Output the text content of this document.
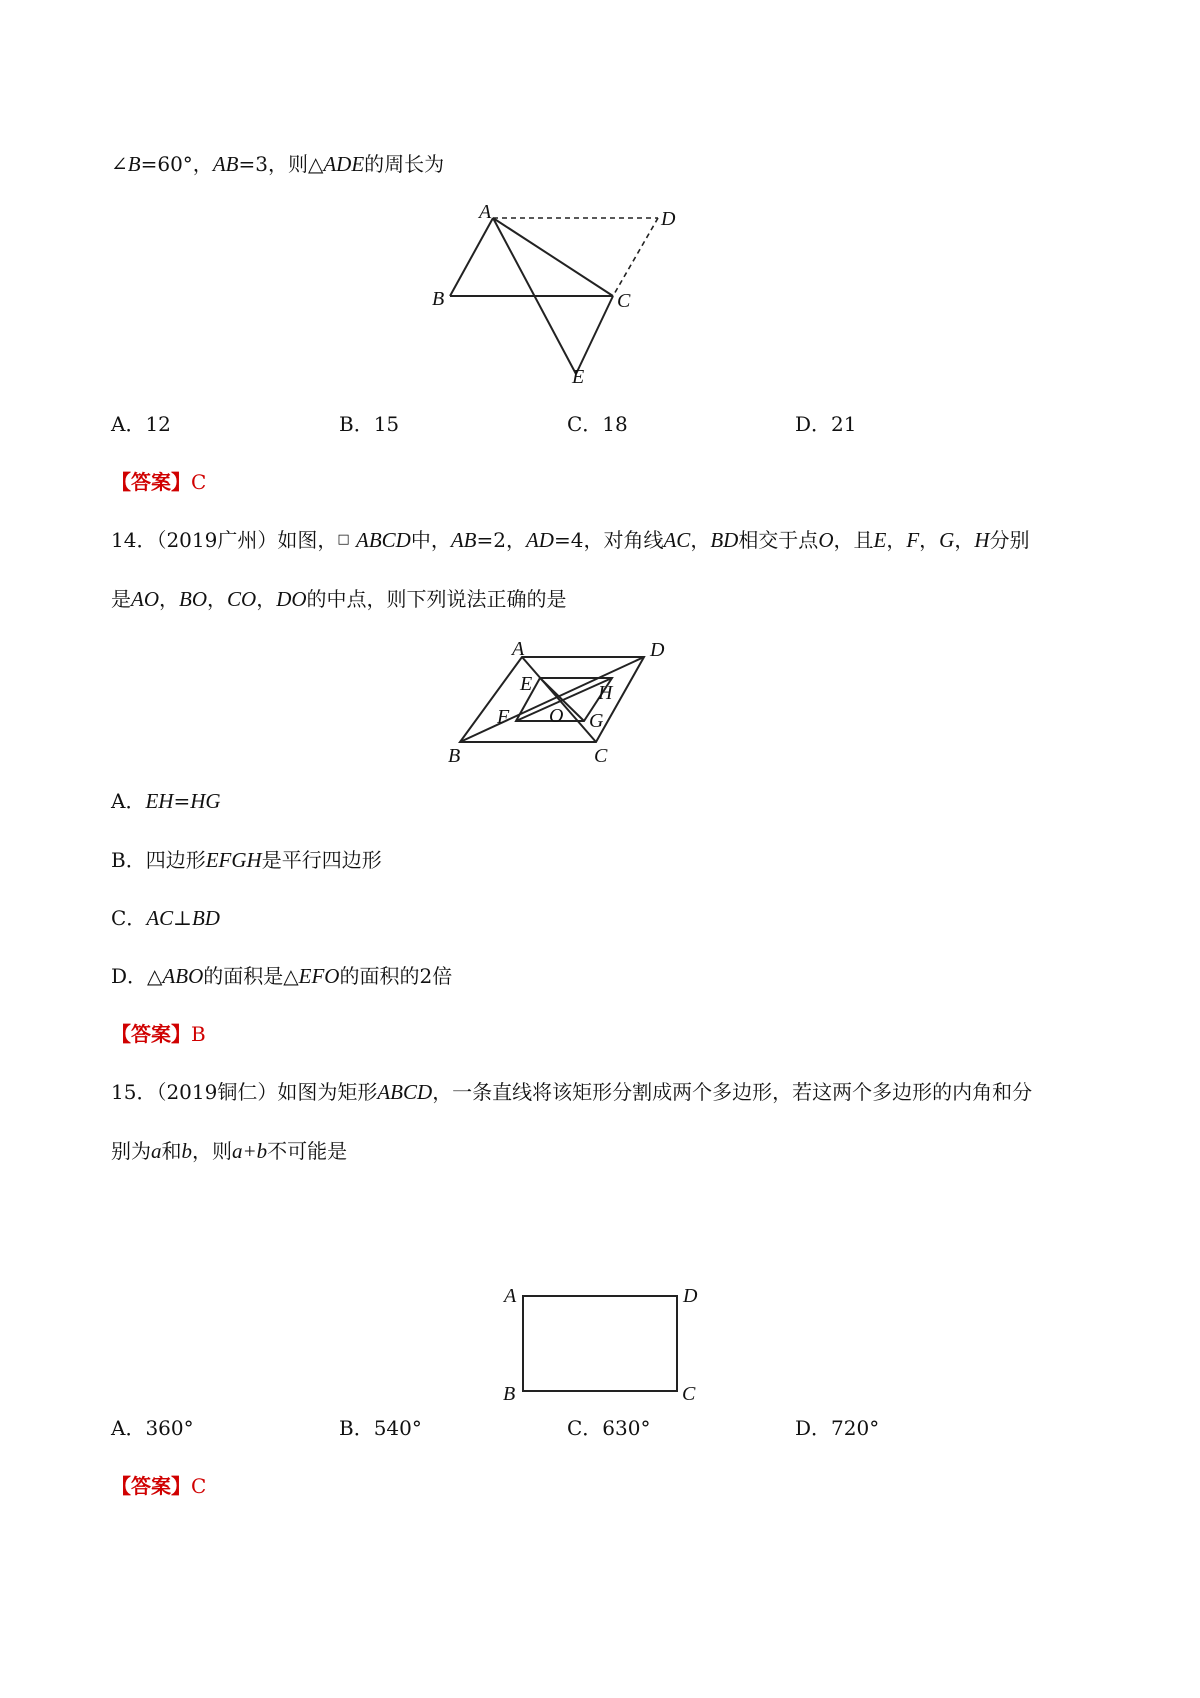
∠B=60°，AB=3，则△ADE的周长为
A
B	C
D
E
A．12	B．15	C．18	D．21
【答案】C
14．（2019广州）如图，□ ABCD中，AB=2，AD=4，对角线AC，BD相交于点O，且E，F，G，H分别
是AO，BO，CO，DO的中点，则下列说法正确的是
A	D
B	C
E	H
F	G
O
A．EH=HG
B．四边形EFGH是平行四边形
C．AC⊥BD
D．△ABO的面积是△EFO的面积的2倍
【答案】B
15．（2019铜仁）如图为矩形ABCD，一条直线将该矩形分割成两个多边形，若这两个多边形的内角和分
别为a和b，则a+b不可能是
A	D
B	C
A．360°	B．540°	C．630°	D．720°
【答案】C
